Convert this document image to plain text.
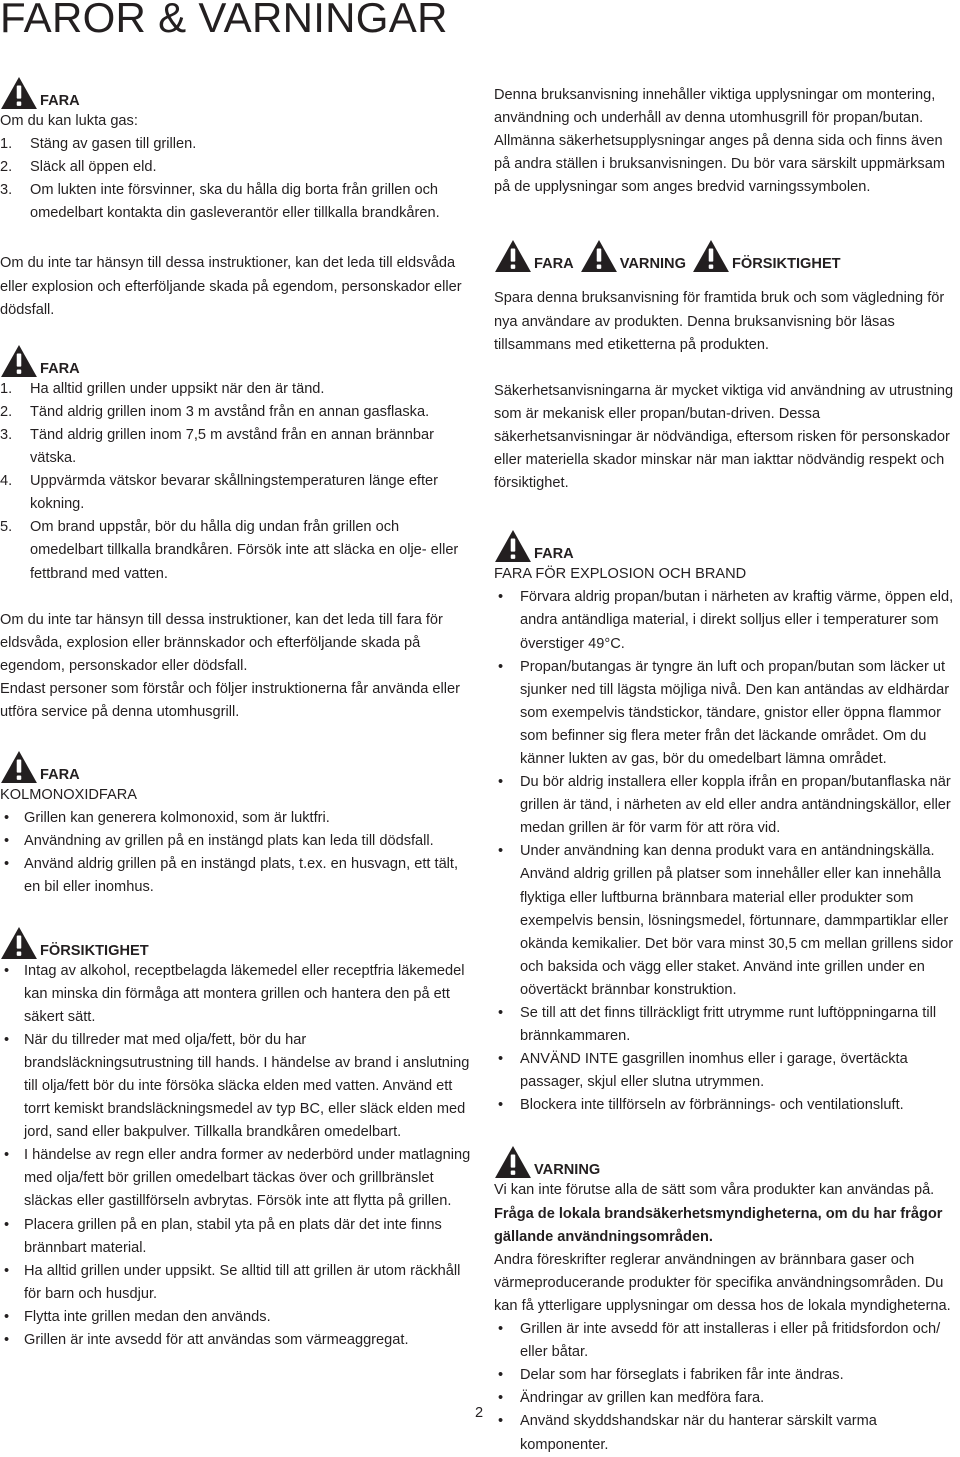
FAROR & VARNINGAR
FARA

Om du kan lukta gas:

1.	Stäng av gasen till grillen.
2.	Släck all öppen eld.
3.	Om lukten inte försvinner, ska du hålla dig borta från grillen och omedelbart kontakta din gasleverantör eller tillkalla brandkåren.

Om du inte tar hänsyn till dessa instruktioner, kan det leda till eldsvåda eller explosion och efterföljande skada på egendom, personskador eller dödsfall.

FARA
1.	Ha alltid grillen under uppsikt när den är tänd.
2.	Tänd aldrig grillen inom 3 m avstånd från en annan gasflaska.
3.	Tänd aldrig grillen inom 7,5 m avstånd från en annan brännbar vätska.
4.	Uppvärmda vätskor bevarar skållningstemperaturen länge efter kokning.
5.	Om brand uppstår, bör du hålla dig undan från grillen och omedelbart tillkalla brandkåren. Försök inte att släcka en olje- eller fettbrand med vatten.

Om du inte tar hänsyn till dessa instruktioner, kan det leda till fara för eldsvåda, explosion eller brännskador och efterföljande skada på egendom, personskador eller dödsfall.

Endast personer som förstår och följer instruktionerna får använda eller utföra service på denna utomhusgrill.

FARA

KOLMONOXIDFARA

•	Grillen kan generera kolmonoxid, som är luktfri.
•	Användning av grillen på en instängd plats kan leda till dödsfall.
•	Använd aldrig grillen på en instängd plats, t.ex. en husvagn, ett tält, en bil eller inomhus.
FÖRSIKTIGHET
•	Intag av alkohol, receptbelagda läkemedel eller receptfria läkemedel kan minska din förmåga att montera grillen och hantera den på ett säkert sätt.
•	När du tillreder mat med olja/fett, bör du har brandsläckningsutrustning till hands. I händelse av brand i anslutning till olja/fett bör du inte försöka släcka elden med vatten. Använd ett torrt kemiskt brandsläckningsmedel av typ BC, eller släck elden med jord, sand eller bakpulver. Tillkalla brandkåren omedelbart.
•	I händelse av regn eller andra former av nederbörd under matlagning med olja/fett bör grillen omedelbart täckas över och grillbränslet släckas eller gastillförseln avbrytas. Försök inte att flytta på grillen.
•	Placera grillen på en plan, stabil yta på en plats där det inte finns brännbart material.
•	Ha alltid grillen under uppsikt. Se alltid till att grillen är utom räckhåll för barn och husdjur.
•	Flytta inte grillen medan den används.
•	Grillen är inte avsedd för att användas som värmeaggregat.

Denna bruksanvisning innehåller viktiga upplysningar om montering, användning och underhåll av denna utomhusgrill för propan/butan. Allmänna säkerhetsupplysningar anges på denna sida och finns även på andra ställen i bruksanvisningen. Du bör vara särskilt uppmärksam på de upplysningar som anges bredvid varningssymbolen.

FARA	VARNING	FÖRSIKTIGHET

Spara denna bruksanvisning för framtida bruk och som vägledning för nya användare av produkten. Denna bruksanvisning bör läsas tillsammans med etiketterna på produkten.

Säkerhetsanvisningarna är mycket viktiga vid användning av utrustning som är mekanisk eller propan/butan-driven. Dessa säkerhetsanvisningar är nödvändiga, eftersom risken för personskador eller materiella skador minskar när man iakttar nödvändig respekt och försiktighet.

FARA

FARA FÖR EXPLOSION OCH BRAND

•	Förvara aldrig propan/butan i närheten av kraftig värme, öppen eld, andra antändliga material, i direkt solljus eller i temperaturer som överstiger 49°C.
•	Propan/butangas är tyngre än luft och propan/butan som läcker ut sjunker ned till lägsta möjliga nivå. Den kan antändas av eldhärdar som exempelvis tändstickor, tändare, gnistor eller öppna flammor som befinner sig flera meter från det läckande området. Om du känner lukten av gas, bör du omedelbart lämna området.
•	Du bör aldrig installera eller koppla ifrån en propan/butanflaska när grillen är tänd, i närheten av eld eller andra antändningskällor, eller medan grillen är för varm för att röra vid.
•	Under användning kan denna produkt vara en antändningskälla. Använd aldrig grillen på platser som innehåller eller kan innehålla flyktiga eller luftburna brännbara material eller produkter som exempelvis bensin, lösningsmedel, förtunnare, dammpartiklar eller okända kemikalier. Det bör vara minst 30,5 cm mellan grillens sidor och baksida och vägg eller staket. Använd inte grillen under en oövertäckt brännbar konstruktion.
•	Se till att det finns tillräckligt fritt utrymme runt luftöppningarna till brännkammaren.
•	ANVÄND INTE gasgrillen inomhus eller i garage, övertäckta passager, skjul eller slutna utrymmen.
•	Blockera inte tillförseln av förbrännings- och ventilationsluft.
VARNING

Vi kan inte förutse alla de sätt som våra produkter kan användas på.

Fråga de lokala brandsäkerhetsmyndigheterna, om du har frågor gällande användningsområden.

Andra föreskrifter reglerar användningen av brännbara gaser och värmeproducerande produkter för specifika användningsområden. Du kan få ytterligare upplysningar om dessa hos de lokala myndigheterna.

•	Grillen är inte avsedd för att installeras i eller på fritidsfordon och/ eller båtar.
•	Delar som har förseglats i fabriken får inte ändras.
•	Ändringar av grillen kan medföra fara.
•	Använd skyddshandskar när du hanterar särskilt varma komponenter.
2
